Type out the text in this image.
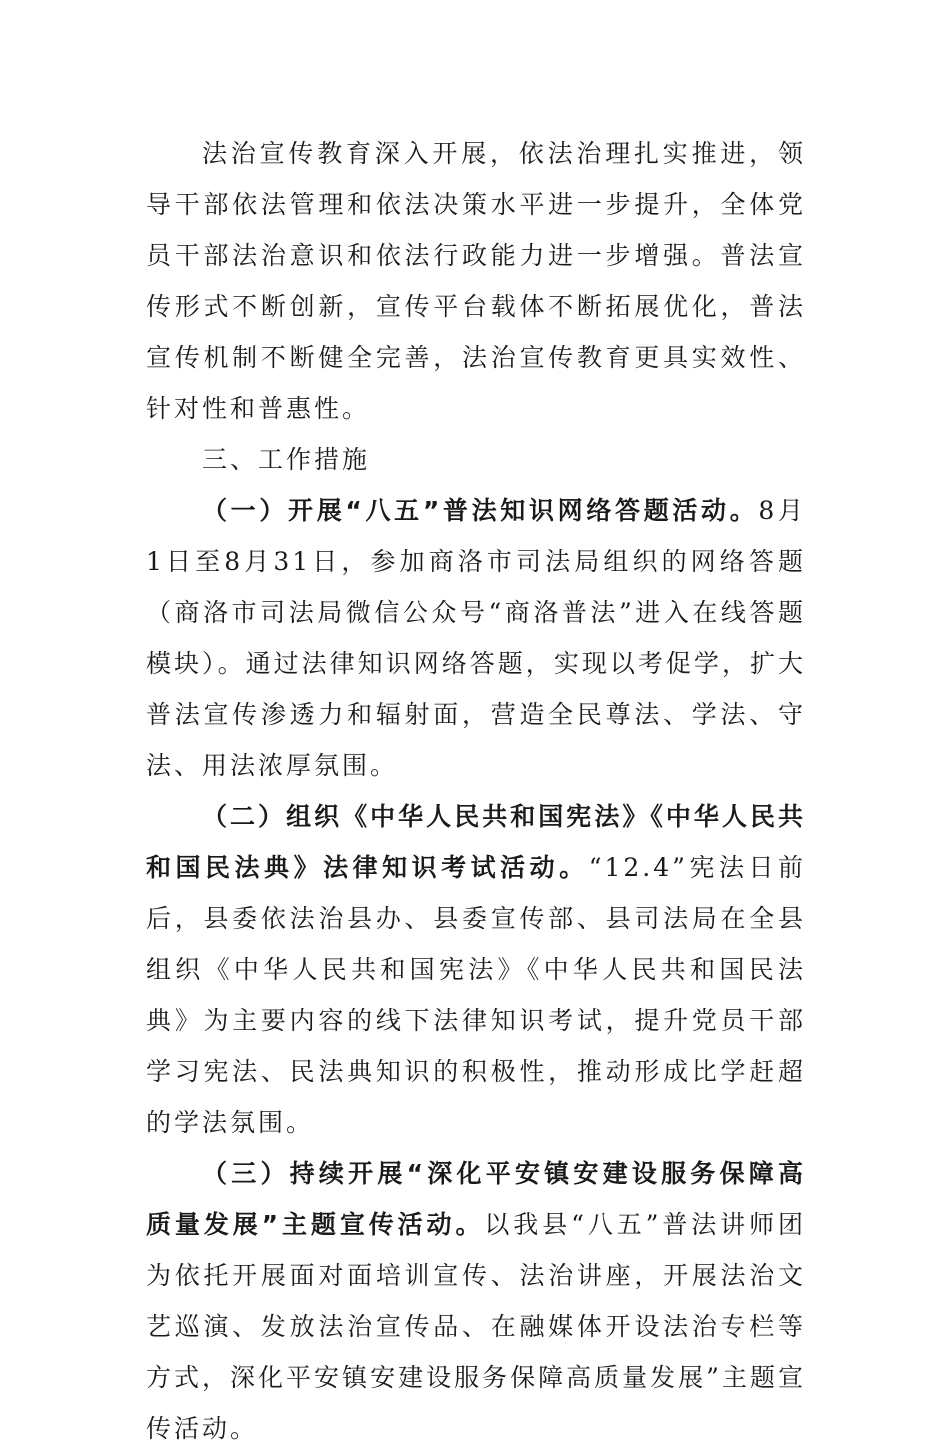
法治宣传教育深入开展，依法治理扎实推进，领导干部依法管理和依法决策水平进一步提升，全体党员干部法治意识和依法行政能力进一步增强。普法宣传形式不断创新，宣传平台载体不断拓展优化，普法宣传机制不断健全完善，法治宣传教育更具实效性、针对性和普惠性。

三、工作措施

（一）开展“八五”普法知识网络答题活动。8月1日至8月31日，参加商洛市司法局组织的网络答题（商洛市司法局微信公众号“商洛普法”进入在线答题模块）。通过法律知识网络答题，实现以考促学，扩大普法宣传渗透力和辐射面，营造全民尊法、学法、守法、用法浓厚氛围。

（二）组织《中华人民共和国宪法》《中华人民共和国民法典》法律知识考试活动。“12.4”宪法日前后，县委依法治县办、县委宣传部、县司法局在全县组织《中华人民共和国宪法》《中华人民共和国民法典》为主要内容的线下法律知识考试，提升党员干部学习宪法、民法典知识的积极性，推动形成比学赶超的学法氛围。

（三）持续开展“深化平安镇安建设服务保障高质量发展”主题宣传活动。以我县“八五”普法讲师团为依托开展面对面培训宣传、法治讲座，开展法治文艺巡演、发放法治宣传品、在融媒体开设法治专栏等方式，深化平安镇安建设服务保障高质量发展”主题宣传活动。
